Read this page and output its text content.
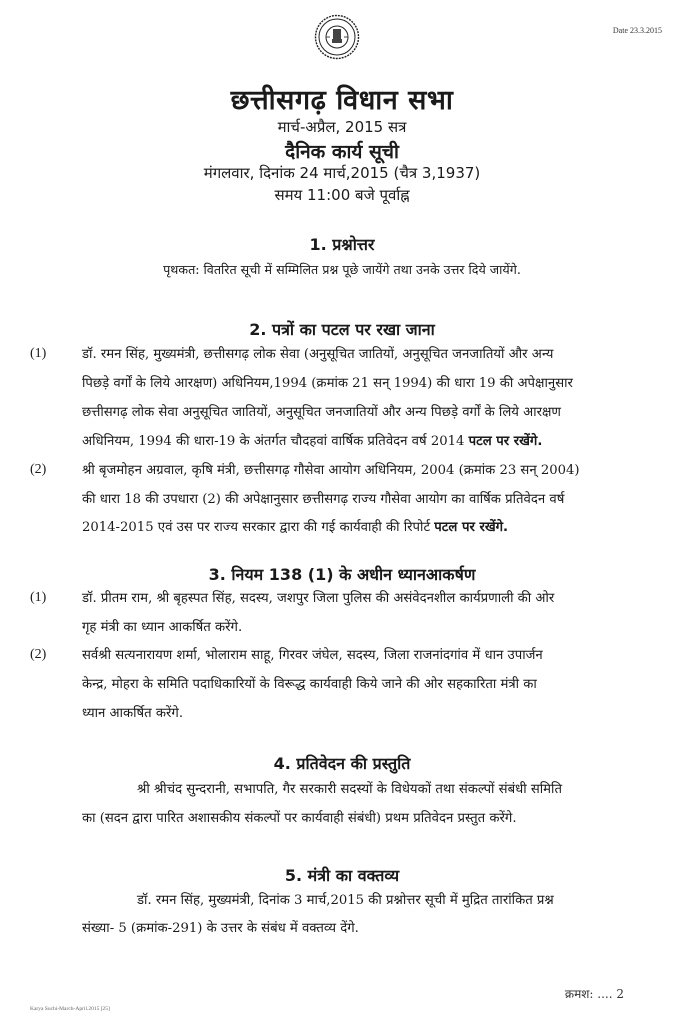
Date 23.3.2015
छत्तीसगढ़ विधान सभा
मार्च-अप्रैल, 2015 सत्र
दैनिक कार्य सूची
मंगलवार, दिनांक 24 मार्च,2015 (चैत्र 3,1937)
समय 11:00 बजे पूर्वाह्न
1. प्रश्नोत्तर
पृथकत: वितरित सूची में सम्मिलित प्रश्न पूछे जायेंगे तथा उनके उत्तर दिये जायेंगे.
2. पत्रों का पटल पर रखा जाना
(1)	डॉ. रमन सिंह, मुख्यमंत्री, छत्तीसगढ़ लोक सेवा (अनुसूचित जातियों, अनुसूचित जनजातियों और अन्य
पिछड़े वर्गों के लिये आरक्षण) अधिनियम,1994 (क्रमांक 21 सन् 1994) की धारा 19 की अपेक्षानुसार
छत्तीसगढ़ लोक सेवा अनुसूचित जातियों, अनुसूचित जनजातियों और अन्य पिछड़े वर्गों के लिये आरक्षण
अधिनियम, 1994 की धारा-19 के अंतर्गत चौदहवां वार्षिक प्रतिवेदन वर्ष 2014 पटल पर रखेंगे.
(2)	श्री बृजमोहन अग्रवाल, कृषि मंत्री, छत्तीसगढ़ गौसेवा आयोग अधिनियम, 2004 (क्रमांक 23 सन् 2004)
की धारा 18 की उपधारा (2) की अपेक्षानुसार छत्तीसगढ़ राज्य गौसेवा आयोग का वार्षिक प्रतिवेदन वर्ष
2014-2015 एवं उस पर राज्य सरकार द्वारा की गई कार्यवाही की रिपोर्ट पटल पर रखेंगे.
3. नियम 138 (1) के अधीन ध्यानआकर्षण
(1)	डॉ. प्रीतम राम, श्री बृहस्पत सिंह, सदस्य, जशपुर जिला पुलिस की असंवेदनशील कार्यप्रणाली की ओर
गृह मंत्री का ध्यान आकर्षित करेंगे.
(2)	सर्वश्री सत्यनारायण शर्मा, भोलाराम साहू, गिरवर जंघेल, सदस्य, जिला राजनांदगांव में धान उपार्जन
केन्द्र, मोहरा के समिति पदाधिकारियों के विरूद्ध कार्यवाही किये जाने की ओर सहकारिता मंत्री का
ध्यान आकर्षित करेंगे.
4. प्रतिवेदन की प्रस्तुति
श्री श्रीचंद सुन्दरानी, सभापति, गैर सरकारी सदस्यों के विधेयकों तथा संकल्पों संबंधी समिति
का (सदन द्वारा पारित अशासकीय संकल्पों पर कार्यवाही संबंधी) प्रथम प्रतिवेदन प्रस्तुत करेंगे.
5. मंत्री का वक्तव्य
डॉ. रमन सिंह, मुख्यमंत्री, दिनांक 3 मार्च,2015 की प्रश्नोत्तर सूची में मुद्रित तारांकित प्रश्न
संख्या- 5 (क्रमांक-291) के उत्तर के संबंध में वक्तव्य देंगे.
क्रमश: .... 2
Karya Suchi-March-April.2015 [25]
